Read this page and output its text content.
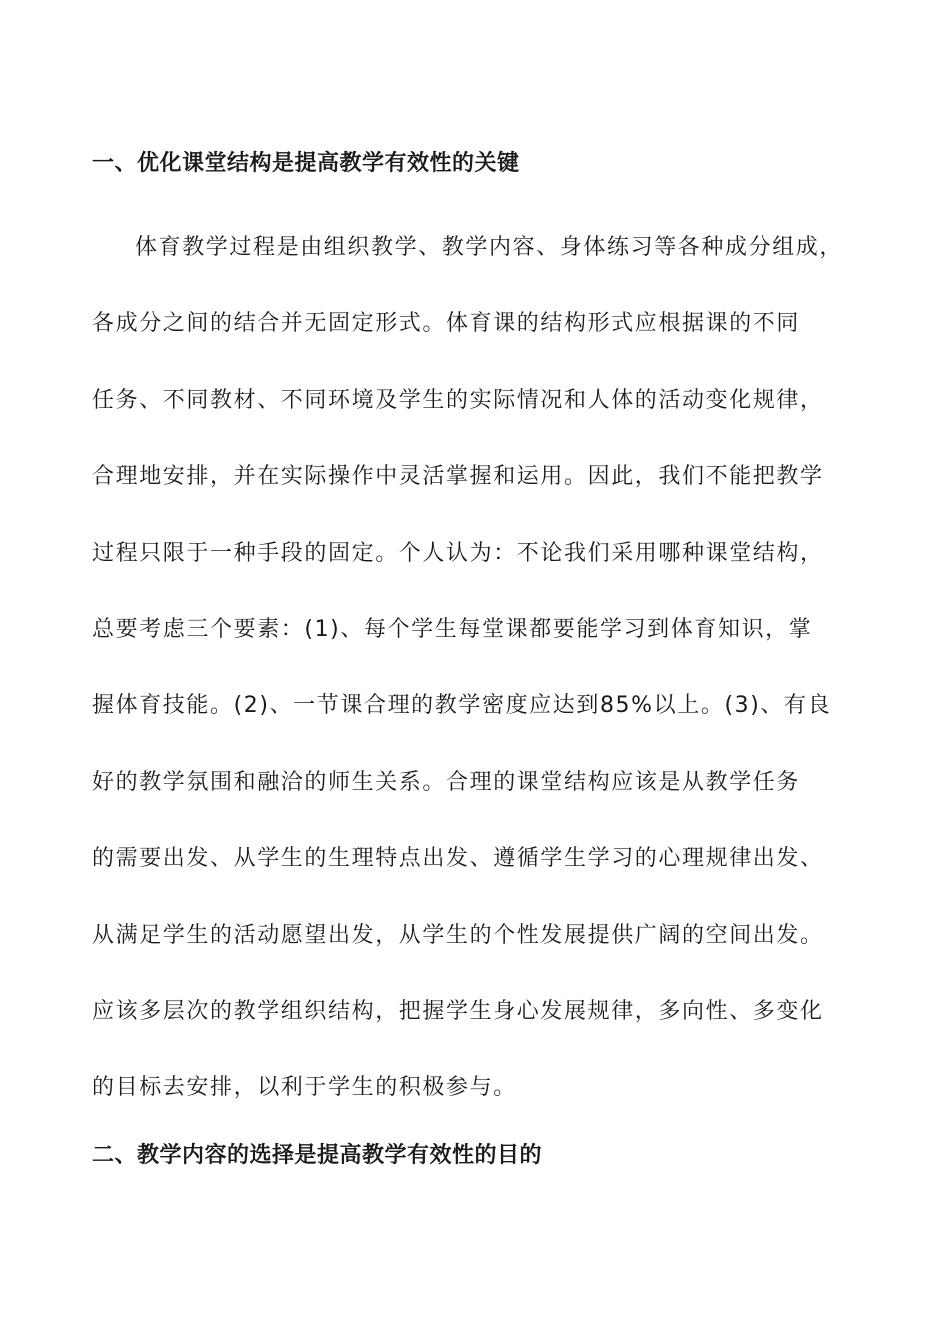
一、优化课堂结构是提高教学有效性的关键
体育教学过程是由组织教学、教学内容、身体练习等各种成分组成，
各成分之间的结合并无固定形式。体育课的结构形式应根据课的不同
任务、不同教材、不同环境及学生的实际情况和人体的活动变化规律，
合理地安排，并在实际操作中灵活掌握和运用。因此，我们不能把教学
过程只限于一种手段的固定。个人认为：不论我们采用哪种课堂结构，
总要考虑三个要素：(1)、每个学生每堂课都要能学习到体育知识，掌
握体育技能。(2)、一节课合理的教学密度应达到85%以上。(3)、有良
好的教学氛围和融洽的师生关系。合理的课堂结构应该是从教学任务
的需要出发、从学生的生理特点出发、遵循学生学习的心理规律出发、
从满足学生的活动愿望出发，从学生的个性发展提供广阔的空间出发。
应该多层次的教学组织结构，把握学生身心发展规律，多向性、多变化
的目标去安排，以利于学生的积极参与。
二、教学内容的选择是提高教学有效性的目的
